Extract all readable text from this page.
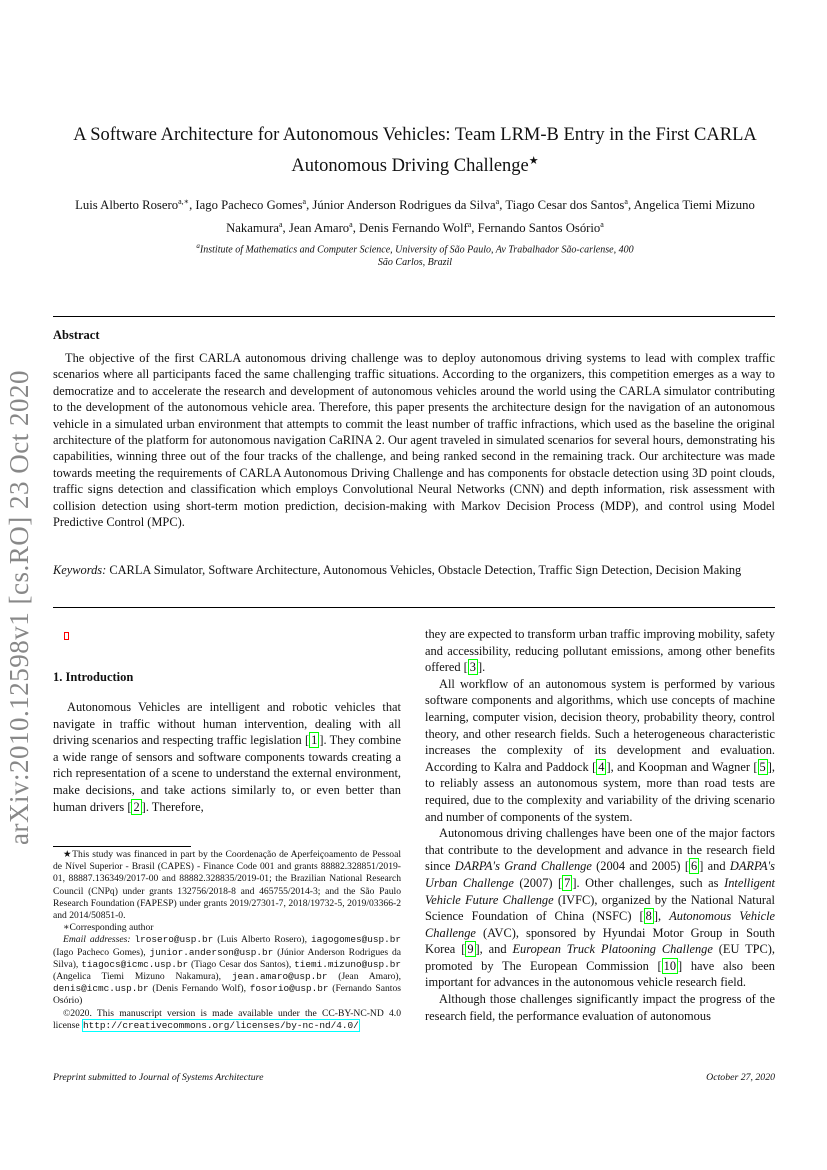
arXiv:2010.12598v1 [cs.RO] 23 Oct 2020
A Software Architecture for Autonomous Vehicles: Team LRM-B Entry in the First CARLA Autonomous Driving Challenge★
Luis Alberto Rosero$^{a,∗}$, Iago Pacheco Gomes$^a$, Júnior Anderson Rodrigues da Silva$^a$, Tiago Cesar dos Santos$^a$, Angelica Tiemi Mizuno Nakamura$^a$, Jean Amaro$^a$, Denis Fernando Wolf$^a$, Fernando Santos Osório$^a$
$^a$Institute of Mathematics and Computer Science, University of São Paulo, Av Trabalhador São-carlense, 400
São Carlos, Brazil
Abstract
The objective of the first CARLA autonomous driving challenge was to deploy autonomous driving systems to lead with complex traffic scenarios where all participants faced the same challenging traffic situations. According to the organizers, this competition emerges as a way to democratize and to accelerate the research and development of autonomous vehicles around the world using the CARLA simulator contributing to the development of the autonomous vehicle area. Therefore, this paper presents the architecture design for the navigation of an autonomous vehicle in a simulated urban environment that attempts to commit the least number of traffic infractions, which used as the baseline the original architecture of the platform for autonomous navigation CaRINA 2. Our agent traveled in simulated scenarios for several hours, demonstrating his capabilities, winning three out of the four tracks of the challenge, and being ranked second in the remaining track. Our architecture was made towards meeting the requirements of CARLA Autonomous Driving Challenge and has components for obstacle detection using 3D point clouds, traffic signs detection and classification which employs Convolutional Neural Networks (CNN) and depth information, risk assessment with collision detection using short-term motion prediction, decision-making with Markov Decision Process (MDP), and control using Model Predictive Control (MPC).
Keywords: CARLA Simulator, Software Architecture, Autonomous Vehicles, Obstacle Detection, Traffic Sign Detection, Decision Making
1. Introduction

Autonomous Vehicles are intelligent and robotic vehicles that navigate in traffic without human intervention, dealing with all driving scenarios and respecting traffic legislation [ 1 ]. They combine a wide range of sensors and software components towards creating a rich representation of a scene to understand the external environment, make decisions, and take actions similarly to, or even better than human drivers [ 2 ]. Therefore,

★This study was financed in part by the Coordenação de Aperfeiçoamento de Pessoal de Nível Superior - Brasil (CAPES) - Finance Code 001 and grants 88882.328851/2019-01, 88887.136349/2017-00 and 88882.328835/2019-01; the Brazilian National Research Council (CNPq) under grants 132756/2018-8 and 465755/2014-3; and the São Paulo Research Foundation (FAPESP) under grants 2019/27301-7, 2018/19732-5, 2019/03366-2 and 2014/50851-0.

∗Corresponding author

Email addresses: lrosero@usp.br (Luis Alberto Rosero), iagogomes@usp.br (Iago Pacheco Gomes), junior.anderson@usp.br (Júnior Anderson Rodrigues da Silva), tiagocs@icmc.usp.br (Tiago Cesar dos Santos), tiemi.mizuno@usp.br (Angelica Tiemi Mizuno Nakamura), jean.amaro@usp.br (Jean Amaro), denis@icmc.usp.br (Denis Fernando Wolf), fosorio@usp.br (Fernando Santos Osório)

©2020. This manuscript version is made available under the CC-BY-NC-ND 4.0 license http://creativecommons.org/licenses/by-nc-nd/4.0/

they are expected to transform urban traffic improving mobility, safety and accessibility, reducing pollutant emissions, among other benefits offered [ 3 ].

All workflow of an autonomous system is performed by various software components and algorithms, which use concepts of machine learning, computer vision, decision theory, probability theory, control theory, and other research fields. Such a heterogeneous characteristic increases the complexity of its development and evaluation. According to Kalra and Paddock [ 4 ], and Koopman and Wagner [ 5 ], to reliably assess an autonomous system, more than road tests are required, due to the complexity and variability of the driving scenario and number of components of the system.

Autonomous driving challenges have been one of the major factors that contribute to the development and advance in the research field since DARPA's Grand Challenge (2004 and 2005) [ 6 ] and DARPA's Urban Challenge (2007) [ 7 ]. Other challenges, such as Intelligent Vehicle Future Challenge (IVFC), organized by the National Natural Science Foundation of China (NSFC) [ 8 ], Autonomous Vehicle Challenge (AVC), sponsored by Hyundai Motor Group in South Korea [ 9 ], and European Truck Platooning Challenge (EU TPC), promoted by The European Commission [ 10 ] have also been important for advances in the autonomous vehicle research field.

Although those challenges significantly impact the progress of the research field, the performance evaluation of autonomous

Preprint submitted to Journal of Systems Architecture	October 27, 2020
